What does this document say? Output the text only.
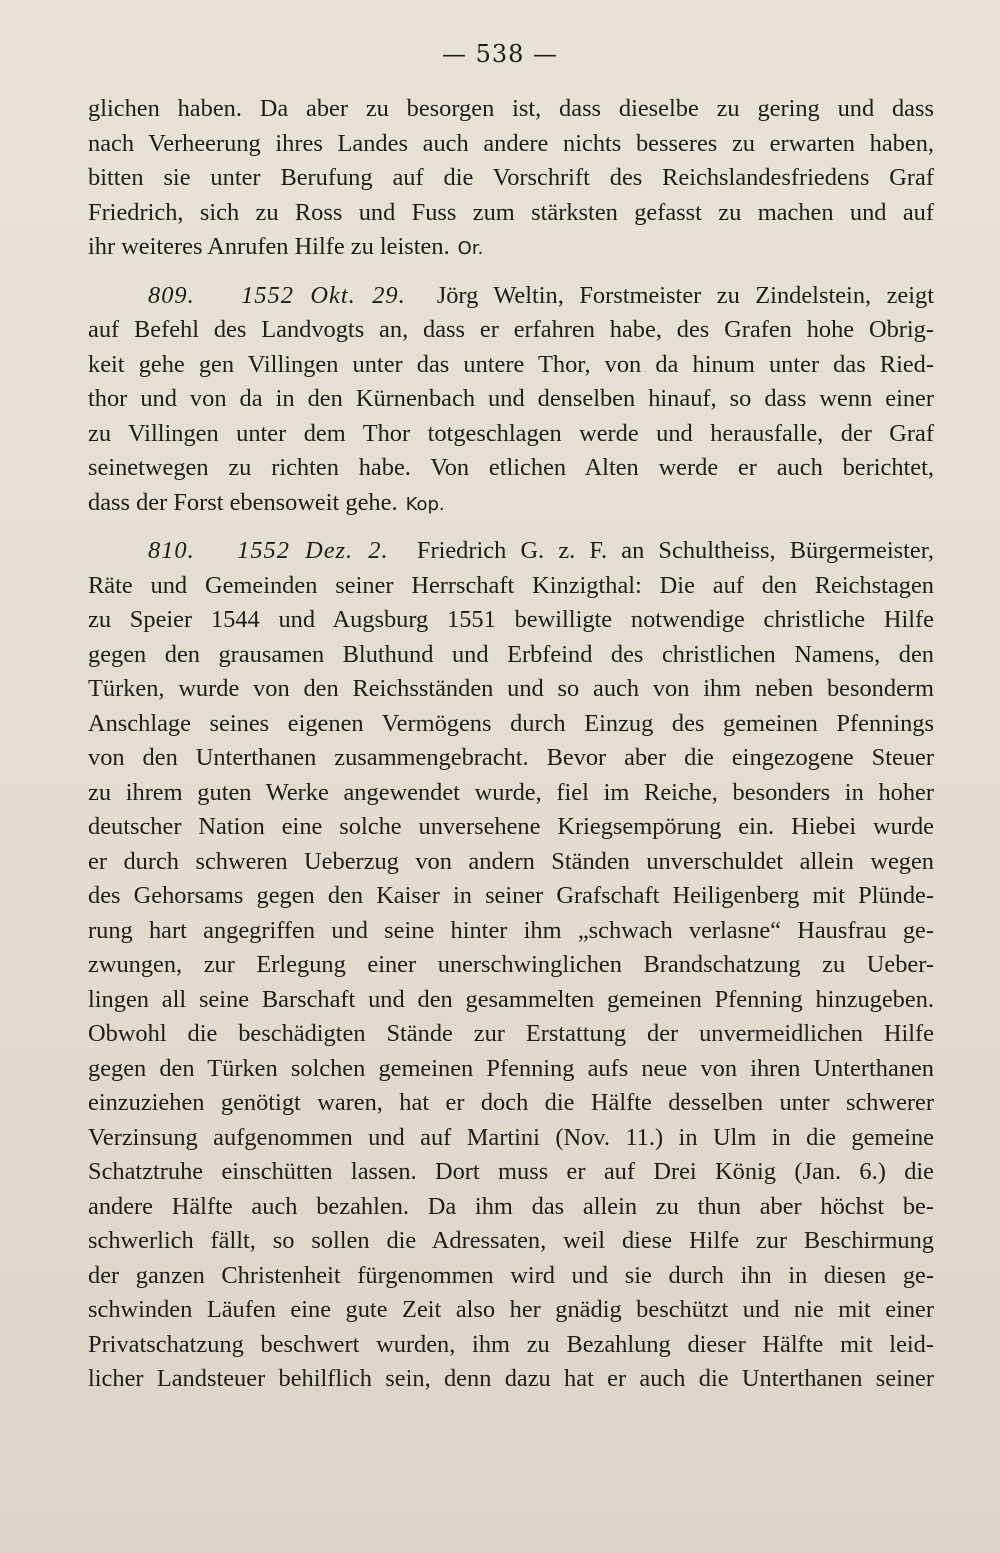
— 538 —
glichen haben. Da aber zu besorgen ist, dass dieselbe zu gering und dass
nach Verheerung ihres Landes auch andere nichts besseres zu erwarten haben,
bitten sie unter Berufung auf die Vorschrift des Reichslandesfriedens Graf
Friedrich, sich zu Ross und Fuss zum stärksten gefasst zu machen und auf
ihr weiteres Anrufen Hilfe zu leisten. Or.
809. 1552 Okt. 29. Jörg Weltin, Forstmeister zu Zindelstein, zeigt
auf Befehl des Landvogts an, dass er erfahren habe, des Grafen hohe Obrig-
keit gehe gen Villingen unter das untere Thor, von da hinum unter das Ried-
thor und von da in den Kürnenbach und denselben hinauf, so dass wenn einer
zu Villingen unter dem Thor totgeschlagen werde und herausfalle, der Graf
seinetwegen zu richten habe. Von etlichen Alten werde er auch berichtet,
dass der Forst ebensoweit gehe. Kop.
810. 1552 Dez. 2. Friedrich G. z. F. an Schultheiss, Bürgermeister,
Räte und Gemeinden seiner Herrschaft Kinzigthal: Die auf den Reichstagen
zu Speier 1544 und Augsburg 1551 bewilligte notwendige christliche Hilfe
gegen den grausamen Bluthund und Erbfeind des christlichen Namens, den
Türken, wurde von den Reichsständen und so auch von ihm neben besonderm
Anschlage seines eigenen Vermögens durch Einzug des gemeinen Pfennings
von den Unterthanen zusammengebracht. Bevor aber die eingezogene Steuer
zu ihrem guten Werke angewendet wurde, fiel im Reiche, besonders in hoher
deutscher Nation eine solche unversehene Kriegsempörung ein. Hiebei wurde
er durch schweren Ueberzug von andern Ständen unverschuldet allein wegen
des Gehorsams gegen den Kaiser in seiner Grafschaft Heiligenberg mit Plünde-
rung hart angegriffen und seine hinter ihm „schwach verlasne“ Hausfrau ge-
zwungen, zur Erlegung einer unerschwinglichen Brandschatzung zu Ueber-
lingen all seine Barschaft und den gesammelten gemeinen Pfenning hinzugeben.
Obwohl die beschädigten Stände zur Erstattung der unvermeidlichen Hilfe
gegen den Türken solchen gemeinen Pfenning aufs neue von ihren Unterthanen
einzuziehen genötigt waren, hat er doch die Hälfte desselben unter schwerer
Verzinsung aufgenommen und auf Martini (Nov. 11.) in Ulm in die gemeine
Schatztruhe einschütten lassen. Dort muss er auf Drei König (Jan. 6.) die
andere Hälfte auch bezahlen. Da ihm das allein zu thun aber höchst be-
schwerlich fällt, so sollen die Adressaten, weil diese Hilfe zur Beschirmung
der ganzen Christenheit fürgenommen wird und sie durch ihn in diesen ge-
schwinden Läufen eine gute Zeit also her gnädig beschützt und nie mit einer
Privatschatzung beschwert wurden, ihm zu Bezahlung dieser Hälfte mit leid-
licher Landsteuer behilflich sein, denn dazu hat er auch die Unterthanen seiner
